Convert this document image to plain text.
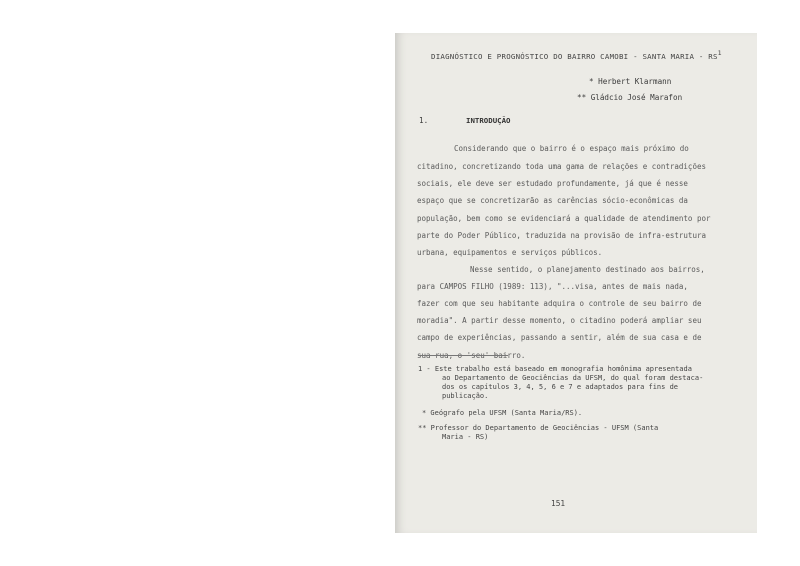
DIAGNÓSTICO E PROGNÓSTICO DO BAIRRO CAMOBI - SANTA MARIA - $RS^1$
* Herbert Klarmann
** Gládcio José Marafon
1.	INTRODUÇÃO
Considerando que o bairro é o espaço mais próximo do
citadino, concretizando toda uma gama de relações e contradições
sociais, ele deve ser estudado profundamente, já que é nesse
espaço que se concretizarão as carências sócio-econômicas da
população, bem como se evidenciará a qualidade de atendimento por
parte do Poder Público, traduzida na provisão de infra-estrutura
urbana, equipamentos e serviços públicos.
Nesse sentido, o planejamento destinado aos bairros,
para CAMPOS FILHO (1989: 113), "...visa, antes de mais nada,
fazer com que seu habitante adquira o controle de seu bairro de
moradia". A partir desse momento, o citadino poderá ampliar seu
campo de experiências, passando a sentir, além de sua casa e de
sua rua, o 'seu' bairro.
1 - Este trabalho está baseado em monografia homônima apresentada
ao Departamento de Geociências da UFSM, do qual foram destaca-
dos os capítulos 3, 4, 5, 6 e 7 e adaptados para fins de
publicação.
* Geógrafo pela UFSM (Santa Maria/RS).
** Professor do Departamento de Geociências - UFSM (Santa
Maria - RS)
151
